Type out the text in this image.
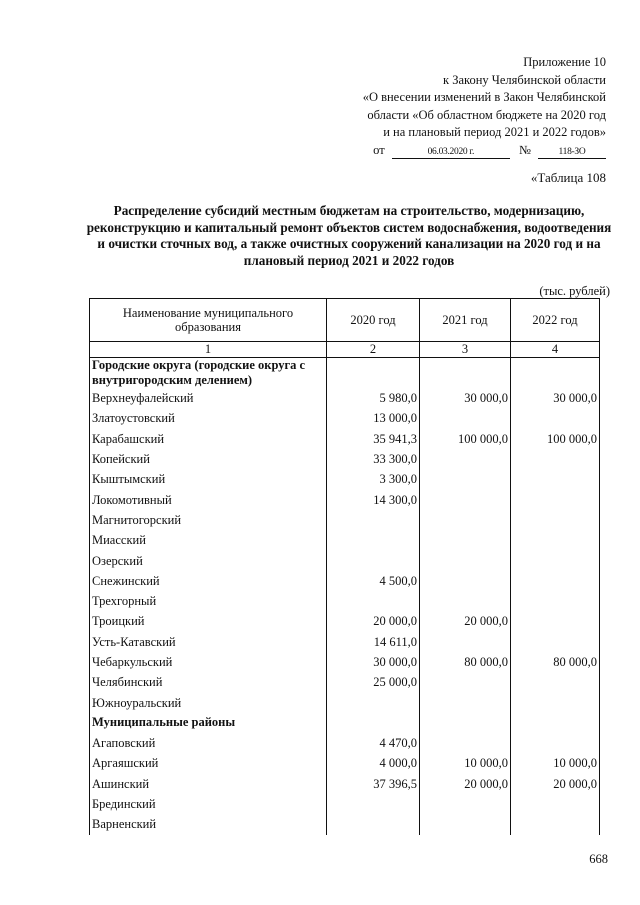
Приложение 10
к Закону Челябинской области
«О внесении изменений в Закон Челябинской
области «Об областном бюджете на 2020 год
и на плановый период 2021 и 2022 годов»
от	06.03.2020 г.	№	118-ЗО
«Таблица 108
Распределение субсидий местным бюджетам на строительство, модернизацию, реконструкцию и капитальный ремонт объектов систем водоснабжения, водоотведения и очистки сточных вод, а также очистных сооружений канализации на 2020 год и на плановый период 2021 и 2022 годов
(тыс. рублей)
Наименование муниципального образования	2020 год	2021 год	2022 год
1	2	3	4
Городские округа (городские округа с внутригородским делением)			
Верхнеуфалейский	5 980,0	30 000,0	30 000,0
Златоустовский	13 000,0		
Карабашский	35 941,3	100 000,0	100 000,0
Копейский	33 300,0		
Кыштымский	3 300,0		
Локомотивный	14 300,0		
Магнитогорский			
Миасский			
Озерский			
Снежинский	4 500,0		
Трехгорный			
Троицкий	20 000,0	20 000,0	
Усть-Катавский	14 611,0		
Чебаркульский	30 000,0	80 000,0	80 000,0
Челябинский	25 000,0		
Южноуральский			
Муниципальные районы			
Агаповский	4 470,0		
Аргаяшский	4 000,0	10 000,0	10 000,0
Ашинский	37 396,5	20 000,0	20 000,0
Брединский			
Варненский			
668
